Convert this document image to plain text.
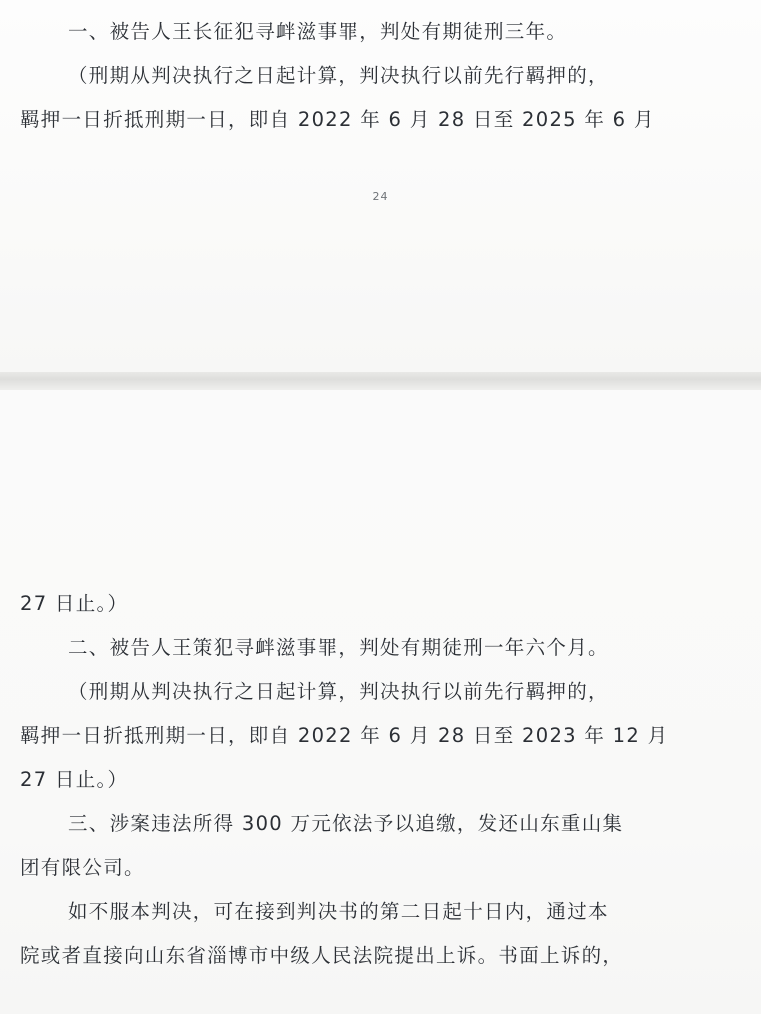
一、被告人王长征犯寻衅滋事罪，判处有期徒刑三年。
（刑期从判决执行之日起计算，判决执行以前先行羁押的，
羁押一日折抵刑期一日，即自 2022 年 6 月 28 日至 2025 年 6 月
24
27 日止。）
二、被告人王策犯寻衅滋事罪，判处有期徒刑一年六个月。
（刑期从判决执行之日起计算，判决执行以前先行羁押的，
羁押一日折抵刑期一日，即自 2022 年 6 月 28 日至 2023 年 12 月
27 日止。）
三、涉案违法所得 300 万元依法予以追缴，发还山东重山集
团有限公司。
如不服本判决，可在接到判决书的第二日起十日内，通过本
院或者直接向山东省淄博市中级人民法院提出上诉。书面上诉的，
